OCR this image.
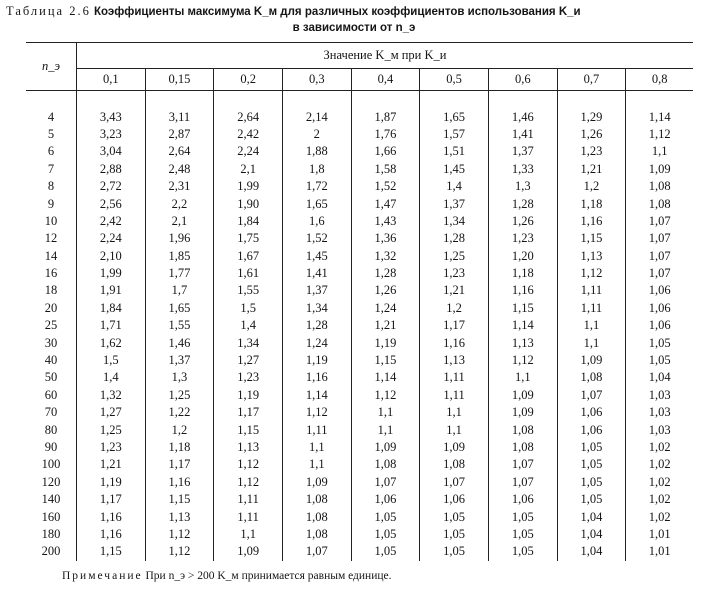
Таблица 2.6 Коэффициенты максимума K_м для различных коэффициентов использования K_и
в зависимости от n_э
n_э	Значение K_м при K_и								
	0,1	0,15	0,2	0,3	0,4	0,5	0,6	0,7	0,8

4	3,43	3,11	2,64	2,14	1,87	1,65	1,46	1,29	1,14
5	3,23	2,87	2,42	2	1,76	1,57	1,41	1,26	1,12
6	3,04	2,64	2,24	1,88	1,66	1,51	1,37	1,23	1,1
7	2,88	2,48	2,1	1,8	1,58	1,45	1,33	1,21	1,09
8	2,72	2,31	1,99	1,72	1,52	1,4	1,3	1,2	1,08
9	2,56	2,2	1,90	1,65	1,47	1,37	1,28	1,18	1,08
10	2,42	2,1	1,84	1,6	1,43	1,34	1,26	1,16	1,07
12	2,24	1,96	1,75	1,52	1,36	1,28	1,23	1,15	1,07
14	2,10	1,85	1,67	1,45	1,32	1,25	1,20	1,13	1,07
16	1,99	1,77	1,61	1,41	1,28	1,23	1,18	1,12	1,07
18	1,91	1,7	1,55	1,37	1,26	1,21	1,16	1,11	1,06
20	1,84	1,65	1,5	1,34	1,24	1,2	1,15	1,11	1,06
25	1,71	1,55	1,4	1,28	1,21	1,17	1,14	1,1	1,06
30	1,62	1,46	1,34	1,24	1,19	1,16	1,13	1,1	1,05
40	1,5	1,37	1,27	1,19	1,15	1,13	1,12	1,09	1,05
50	1,4	1,3	1,23	1,16	1,14	1,11	1,1	1,08	1,04
60	1,32	1,25	1,19	1,14	1,12	1,11	1,09	1,07	1,03
70	1,27	1,22	1,17	1,12	1,1	1,1	1,09	1,06	1,03
80	1,25	1,2	1,15	1,11	1,1	1,1	1,08	1,06	1,03
90	1,23	1,18	1,13	1,1	1,09	1,09	1,08	1,05	1,02
100	1,21	1,17	1,12	1,1	1,08	1,08	1,07	1,05	1,02
120	1,19	1,16	1,12	1,09	1,07	1,07	1,07	1,05	1,02
140	1,17	1,15	1,11	1,08	1,06	1,06	1,06	1,05	1,02
160	1,16	1,13	1,11	1,08	1,05	1,05	1,05	1,04	1,02
180	1,16	1,12	1,1	1,08	1,05	1,05	1,05	1,04	1,01
200	1,15	1,12	1,09	1,07	1,05	1,05	1,05	1,04	1,01
Примечание При n_э > 200 K_м принимается равным единице.
